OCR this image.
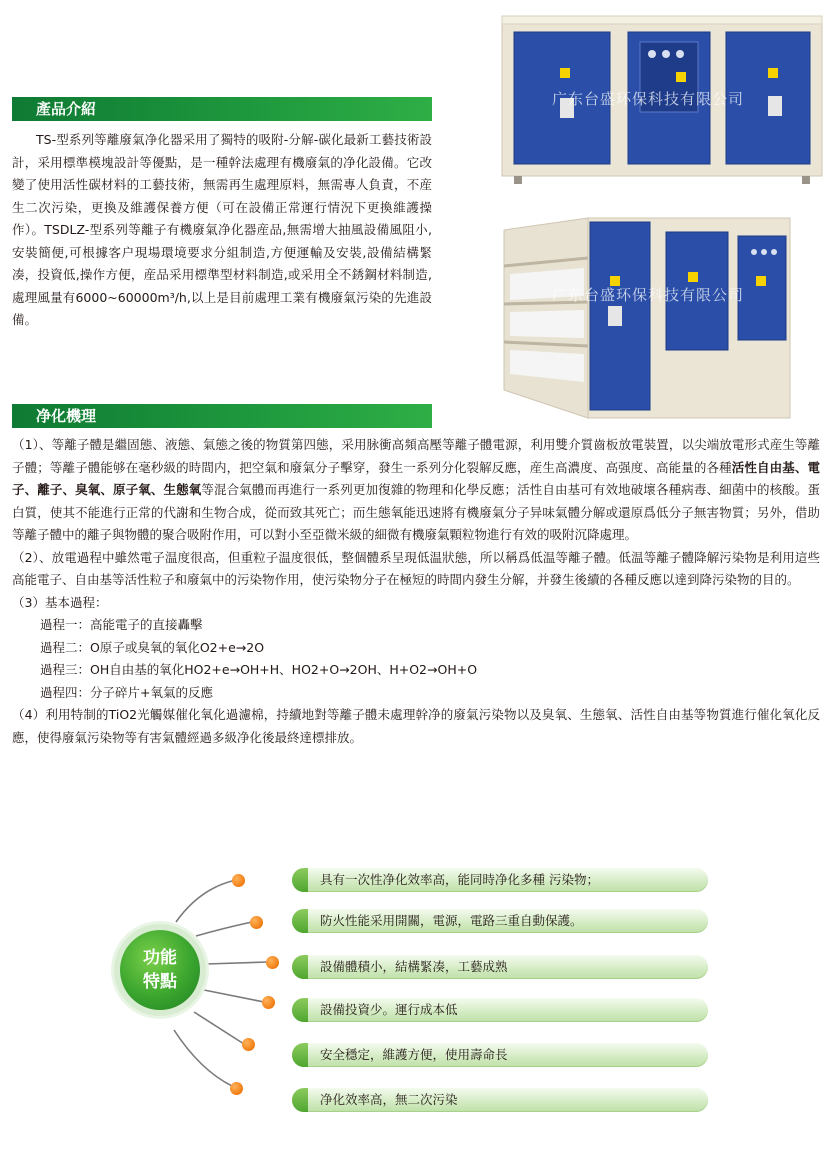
產品介紹

TS-型系列等離廢氣净化器采用了獨特的吸附-分解-碳化最新工藝技術設計，采用標準模塊設計等優點，是一種幹法處理有機廢氣的净化設備。它改變了使用活性碳材料的工藝技術，無需再生處理原料，無需專人負責，不産生二次污染，更換及維護保養方便（可在設備正常運行情況下更換維護操作）。TSDLZ-型系列等離子有機廢氣净化器産品,無需增大抽風設備風阻小,安裝簡便,可根據客户現場環境要求分組制造,方便運輸及安裝,設備結構緊凑，投資低,操作方便，産品采用標準型材料制造,或采用全不銹鋼材料制造,處理風量有6000~60000m³/h,以上是目前處理工業有機廢氣污染的先進設備。

广东台盛环保科技有限公司
广东台盛环保科技有限公司
净化機理

（1）、等離子體是繼固態、液態、氣態之後的物質第四態，采用脉衝高頻高壓等離子體電源，利用雙介質齒板放電裝置，以尖端放電形式産生等離子體；等離子體能够在毫秒級的時間内，把空氣和廢氣分子擊穿，發生一系列分化裂解反應，産生高濃度、高强度、高能量的各種活性自由基、電子、離子、臭氧、原子氧、生態氧等混合氣體而再進行一系列更加復雜的物理和化學反應；活性自由基可有效地破壞各種病毒、細菌中的核酸。蛋白質，使其不能進行正常的代謝和生物合成，從而致其死亡；而生態氧能迅速將有機廢氣分子异味氣體分解或還原爲低分子無害物質；另外，借助等離子體中的離子與物體的聚合吸附作用，可以對小至亞微米級的細微有機廢氣顆粒物進行有效的吸附沉降處理。

（2）、放電過程中雖然電子温度很高，但重粒子温度很低，整個體系呈現低温狀態，所以稱爲低温等離子體。低温等離子體降解污染物是利用這些高能電子、自由基等活性粒子和廢氣中的污染物作用，使污染物分子在極短的時間内發生分解，并發生後續的各種反應以達到降污染物的目的。

（3）基本過程：

過程一：高能電子的直接轟擊

過程二：O原子或臭氧的氧化O2+e→2O

過程三：OH自由基的氧化HO2+e→OH+H、HO2+O→2OH、H+O2→OH+O

過程四：分子碎片+氧氣的反應

（4）利用特制的TiO2光觸媒催化氧化過濾棉，持續地對等離子體未處理幹净的廢氣污染物以及臭氧、生態氧、活性自由基等物質進行催化氧化反應，使得廢氣污染物等有害氣體經過多級净化後最終達標排放。

功能
特點
具有一次性净化效率高，能同時净化多種 污染物；
防火性能采用開關，電源，電路三重自動保護。
設備體積小，結構緊凑，工藝成熟
設備投資少。運行成本低
安全穩定，維護方便，使用壽命長
净化效率高，無二次污染
